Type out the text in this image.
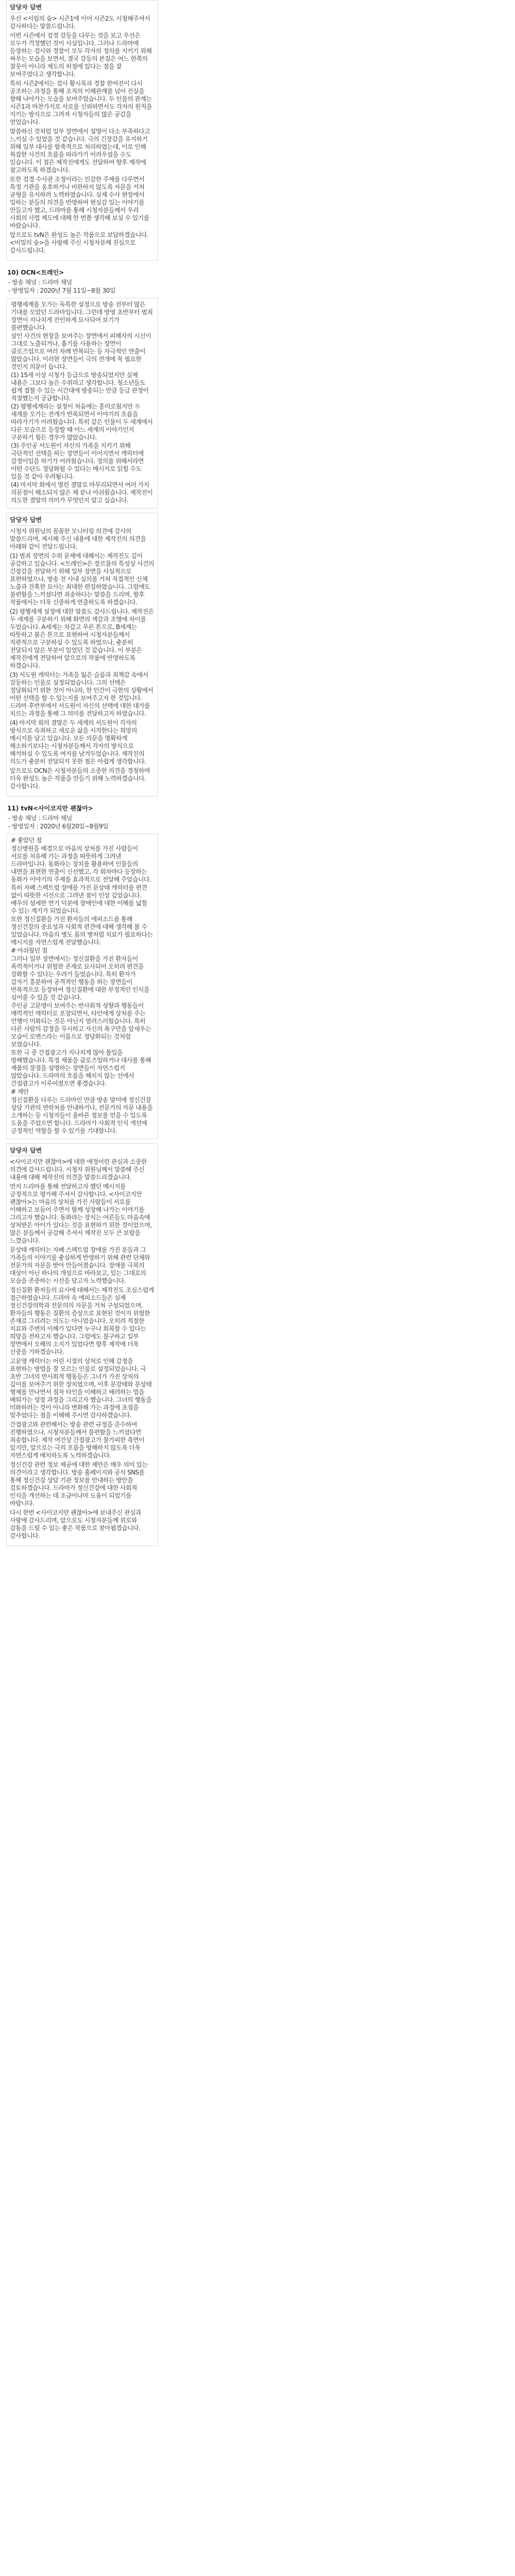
담당자 답변

우선 <서림의 숲> 시즌1에 이어 시즌2도 시청해주셔서 감사하다는 말씀드립니다.

이번 시즌에서 검경 갈등을 다루는 것을 보고 우선은 모두가 걱정했던 것이 사실입니다. 그러나 드라마에 등장하는 검사와 경찰이 모두 각자의 정의를 지키기 위해 싸우는 모습을 보면서, 결국 갈등의 본질은 어느 한쪽의 잘못이 아니라 제도의 허점에 있다는 점을 잘 보여주었다고 생각합니다.

특히 시즌2에서는 검사 황시목과 경찰 한여진이 다시 공조하는 과정을 통해 조직의 이해관계를 넘어 진실을 향해 나아가는 모습을 보여주었습니다. 두 인물의 관계는 시즌1과 마찬가지로 서로를 신뢰하면서도 각자의 원칙을 지키는 방식으로 그려져 시청자들의 많은 공감을 얻었습니다.

말씀하신 것처럼 일부 장면에서 설명이 다소 부족하다고 느끼실 수 있었을 것 같습니다. 극의 긴장감을 유지하기 위해 일부 대사를 함축적으로 처리하였는데, 이로 인해 복잡한 사건의 흐름을 따라가기 어려우셨을 수도 있습니다. 이 점은 제작진에게도 전달하여 향후 제작에 참고하도록 하겠습니다.

또한 검경 수사권 조정이라는 민감한 주제를 다루면서 특정 기관을 옹호하거나 비판하지 않도록 자문을 거쳐 균형을 유지하려 노력하였습니다. 실제 수사 현장에서 일하는 분들의 의견을 반영하여 현실감 있는 이야기를 만들고자 했고, 드라마를 통해 시청자분들께서 우리 사회의 사법 제도에 대해 한 번쯤 생각해 보실 수 있기를 바랐습니다.

앞으로도 tvN은 완성도 높은 작품으로 보답하겠습니다. <비밀의 숲>을 사랑해 주신 시청자분께 진심으로 감사드립니다.

10) OCN<트레인>
- 방송 채널 : 드라마 채널
- 방영일자 : 2020년 7월 11일~8월 30일

평행세계를 오가는 독특한 설정으로 방송 전부터 많은 기대를 모았던 드라마입니다. 그런데 방영 초반부터 범죄 장면이 지나치게 잔인하게 묘사되어 보기가 불편했습니다.

살인 사건의 현장을 보여주는 장면에서 피해자의 시신이 그대로 노출되거나, 흉기를 사용하는 장면이 클로즈업으로 여러 차례 반복되는 등 자극적인 연출이 많았습니다. 이러한 장면들이 극의 전개에 꼭 필요한 것인지 의문이 듭니다.

(1) 15세 이상 시청가 등급으로 방송되었지만 실제 내용은 그보다 높은 수위라고 생각합니다. 청소년들도 쉽게 접할 수 있는 시간대에 방송되는 만큼 등급 판정이 적절했는지 궁금합니다.

(2) 평행세계라는 설정이 처음에는 흥미로웠지만 두 세계를 오가는 전개가 반복되면서 이야기의 흐름을 따라가기가 어려웠습니다. 특히 같은 인물이 두 세계에서 다른 모습으로 등장할 때 어느 세계의 이야기인지 구분하기 힘든 경우가 많았습니다.

(3) 주인공 서도원이 자신의 가족을 지키기 위해 극단적인 선택을 하는 장면들이 이어지면서 캐릭터에 감정이입을 하기가 어려웠습니다. 정의를 위해서라면 어떤 수단도 정당화될 수 있다는 메시지로 읽힐 수도 있을 것 같아 우려됩니다.

(4) 마지막 회에서 열린 결말로 마무리되면서 여러 가지 의문점이 해소되지 않은 채 끝나 아쉬웠습니다. 제작진이 의도한 결말의 의미가 무엇인지 알고 싶습니다.

담당자 답변

시청자 위원님의 꼼꼼한 모니터링 의견에 감사의 말씀드리며, 제시해 주신 내용에 대한 제작진의 의견을 아래와 같이 전달드립니다.

(1) 범죄 장면의 수위 문제에 대해서는 제작진도 깊이 공감하고 있습니다. <트레인>은 장르물의 특성상 사건의 긴장감을 전달하기 위해 일부 장면을 사실적으로 표현하였으나, 방송 전 사내 심의를 거쳐 직접적인 신체 노출과 잔혹한 묘사는 최대한 편집하였습니다. 그럼에도 불편함을 느끼셨다면 죄송하다는 말씀을 드리며, 향후 작품에서는 더욱 신중하게 연출하도록 하겠습니다.

(2) 평행세계 설정에 대한 말씀도 감사드립니다. 제작진은 두 세계를 구분하기 위해 화면의 색감과 조명에 차이를 두었습니다. A세계는 차갑고 푸른 톤으로, B세계는 따뜻하고 붉은 톤으로 표현하여 시청자분들께서 직관적으로 구분하실 수 있도록 하였으나, 충분히 전달되지 않은 부분이 있었던 것 같습니다. 이 부분은 제작진에게 전달하여 앞으로의 작품에 반영하도록 하겠습니다.

(3) 서도원 캐릭터는 가족을 잃은 슬픔과 죄책감 속에서 갈등하는 인물로 설정되었습니다. 그의 선택은 정당화되기 위한 것이 아니라, 한 인간이 극한의 상황에서 어떤 선택을 할 수 있는지를 보여주고자 한 것입니다. 드라마 후반부에서 서도원이 자신의 선택에 대한 대가를 치르는 과정을 통해 그 의미를 전달하고자 하였습니다.

(4) 마지막 회의 결말은 두 세계의 서도원이 각자의 방식으로 속죄하고 새로운 삶을 시작한다는 희망의 메시지를 담고 있습니다. 모든 의문을 명확하게 해소하기보다는 시청자분들께서 각자의 방식으로 해석하실 수 있도록 여지를 남겨두었습니다. 제작진의 의도가 충분히 전달되지 못한 점은 아쉽게 생각합니다.

앞으로도 OCN은 시청자분들의 소중한 의견을 경청하며 더욱 완성도 높은 작품을 만들기 위해 노력하겠습니다. 감사합니다.

11) tvN<사이코지만 괜찮아>
- 방송 채널 : 드라마 채널
- 방영일자 : 2020년 6월20일~8월9일

# 좋았던 점

정신병원을 배경으로 마음의 상처를 가진 사람들이 서로를 치유해 가는 과정을 따뜻하게 그려낸 드라마입니다. 동화라는 장치를 활용하여 인물들의 내면을 표현한 연출이 신선했고, 각 회차마다 등장하는 동화가 이야기의 주제를 효과적으로 전달해 주었습니다.

특히 자폐 스펙트럼 장애를 가진 문상태 캐릭터를 편견 없이 따뜻한 시선으로 그려낸 점이 인상 깊었습니다. 배우의 섬세한 연기 덕분에 장애인에 대한 이해를 넓힐 수 있는 계기가 되었습니다.

또한 정신질환을 가진 환자들의 에피소드를 통해 정신건강의 중요성과 사회적 편견에 대해 생각해 볼 수 있었습니다. 마음의 병도 몸의 병처럼 치료가 필요하다는 메시지를 자연스럽게 전달했습니다.

# 아쉬웠던 점

그러나 일부 장면에서는 정신질환을 가진 환자들이 폭력적이거나 위험한 존재로 묘사되어 오히려 편견을 강화할 수 있다는 우려가 들었습니다. 특히 환자가 갑자기 흥분하여 공격적인 행동을 하는 장면들이 반복적으로 등장하여 정신질환에 대한 부정적인 인식을 심어줄 수 있을 것 같습니다.

주인공 고문영이 보여주는 반사회적 성향과 행동들이 매력적인 캐릭터로 포장되면서, 타인에게 상처를 주는 언행이 미화되는 것은 아닌지 염려스러웠습니다. 특히 다른 사람의 감정을 무시하고 자신의 욕구만을 앞세우는 모습이 로맨스라는 이름으로 정당화되는 것처럼 보였습니다.

또한 극 중 간접광고가 지나치게 많아 몰입을 방해했습니다. 특정 제품을 클로즈업하거나 대사를 통해 제품의 장점을 설명하는 장면들이 자연스럽지 않았습니다. 드라마의 흐름을 해치지 않는 선에서 간접광고가 이루어졌으면 좋겠습니다.

# 제안

정신질환을 다루는 드라마인 만큼 방송 말미에 정신건강 상담 기관의 연락처를 안내하거나, 전문가의 자문 내용을 소개하는 등 시청자들이 올바른 정보를 얻을 수 있도록 도움을 주었으면 합니다. 드라마가 사회적 인식 개선에 긍정적인 역할을 할 수 있기를 기대합니다.

담당자 답변

<사이코지만 괜찮아>에 대한 애정어린 관심과 소중한 의견에 감사드립니다. 시청자 위원님께서 말씀해 주신 내용에 대해 제작진의 의견을 말씀드리겠습니다.

먼저 드라마를 통해 전달하고자 했던 메시지를 긍정적으로 평가해 주셔서 감사합니다. <사이코지만 괜찮아>는 마음의 상처를 가진 사람들이 서로를 이해하고 보듬어 주면서 함께 성장해 나가는 이야기를 그리고자 했습니다. 동화라는 장치는 어른들도 마음속에 상처받은 아이가 있다는 것을 표현하기 위한 것이었으며, 많은 분들께서 공감해 주셔서 제작진 모두 큰 보람을 느꼈습니다.

문상태 캐릭터는 자폐 스펙트럼 장애를 가진 분들과 그 가족들의 이야기를 충실하게 반영하기 위해 관련 단체와 전문가의 자문을 받아 만들어졌습니다. 장애를 극복의 대상이 아닌 하나의 개성으로 바라보고, 있는 그대로의 모습을 존중하는 시선을 담고자 노력했습니다.

정신질환 환자들의 묘사에 대해서는 제작진도 조심스럽게 접근하였습니다. 드라마 속 에피소드들은 실제 정신건강의학과 전문의의 자문을 거쳐 구성되었으며, 환자들의 행동은 질환의 증상으로 표현된 것이지 위험한 존재로 그리려는 의도는 아니었습니다. 오히려 적절한 치료와 주변의 이해가 있다면 누구나 회복할 수 있다는 희망을 전하고자 했습니다. 그럼에도 불구하고 일부 장면에서 오해의 소지가 있었다면 향후 제작에 더욱 신중을 기하겠습니다.

고문영 캐릭터는 어린 시절의 상처로 인해 감정을 표현하는 방법을 잘 모르는 인물로 설정되었습니다. 극 초반 그녀의 반사회적 행동들은 그녀가 가진 상처의 깊이를 보여주기 위한 장치였으며, 이후 문강태와 문상태 형제를 만나면서 점차 타인을 이해하고 배려하는 법을 배워가는 성장 과정을 그리고자 했습니다. 그녀의 행동을 미화하려는 것이 아니라 변화해 가는 과정에 초점을 맞추었다는 점을 이해해 주시면 감사하겠습니다.

간접광고와 관련해서는 방송 관련 규정을 준수하여 진행하였으나, 시청자분들께서 불편함을 느끼셨다면 죄송합니다. 제작 여건상 간접광고가 불가피한 측면이 있지만, 앞으로는 극의 흐름을 방해하지 않도록 더욱 자연스럽게 배치하도록 노력하겠습니다.

정신건강 관련 정보 제공에 대한 제안은 매우 의미 있는 의견이라고 생각합니다. 방송 홈페이지와 공식 SNS를 통해 정신건강 상담 기관 정보를 안내하는 방안을 검토하겠습니다. 드라마가 정신건강에 대한 사회적 인식을 개선하는 데 조금이나마 도움이 되었기를 바랍니다.

다시 한번 <사이코지만 괜찮아>에 보내주신 관심과 사랑에 감사드리며, 앞으로도 시청자분들께 위로와 감동을 드릴 수 있는 좋은 작품으로 찾아뵙겠습니다. 감사합니다.
